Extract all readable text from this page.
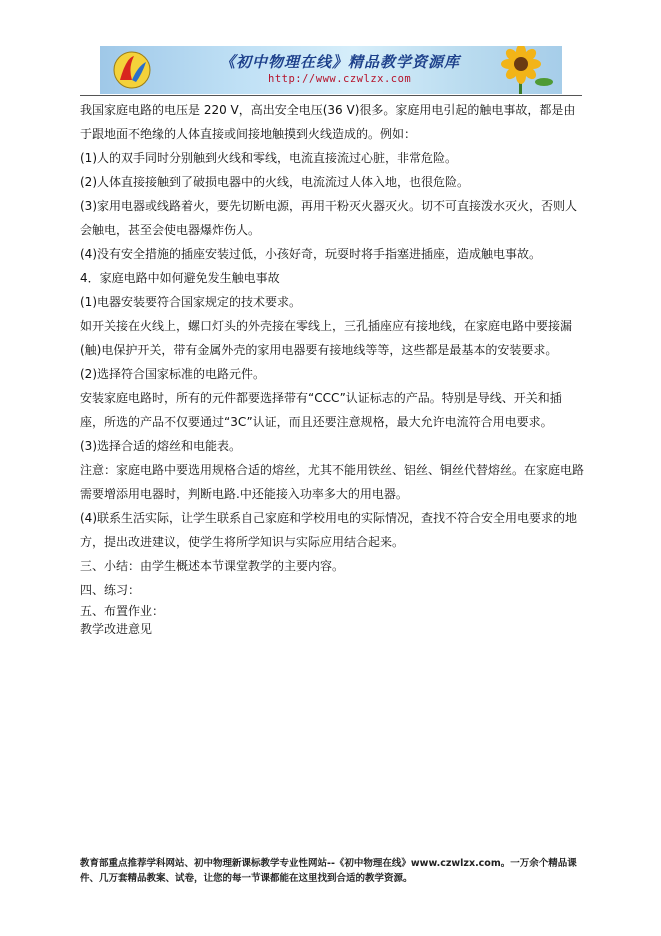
《初中物理在线》精品教学资源库
http://www.czwlzx.com

我国家庭电路的电压是 220 V，高出安全电压(36 V)很多。家庭用电引起的触电事故，都是由于跟地面不绝缘的人体直接或间接地触摸到火线造成的。例如：

(1)人的双手同时分别触到火线和零线，电流直接流过心脏，非常危险。

(2)人体直接接触到了破损电器中的火线，电流流过人体入地，也很危险。

(3)家用电器或线路着火，要先切断电源，再用干粉灭火器灭火。切不可直接泼水灭火，否则人会触电，甚至会使电器爆炸伤人。

(4)没有安全措施的插座安装过低，小孩好奇，玩耍时将手指塞进插座，造成触电事故。

4．家庭电路中如何避免发生触电事故

(1)电器安装要符合国家规定的技术要求。

如开关接在火线上，螺口灯头的外壳接在零线上，三孔插座应有接地线，在家庭电路中要接漏(触)电保护开关，带有金属外壳的家用电器要有接地线等等，这些都是最基本的安装要求。

(2)选择符合国家标准的电路元件。

安装家庭电路时，所有的元件都要选择带有“CCC”认证标志的产品。特别是导线、开关和插座，所选的产品不仅要通过“3C”认证，而且还要注意规格，最大允许电流符合用电要求。

(3)选择合适的熔丝和电能表。

注意：家庭电路中要选用规格合适的熔丝，尤其不能用铁丝、铝丝、铜丝代替熔丝。在家庭电路需要增添用电器时，判断电路.中还能接入功率多大的用电器。

(4)联系生活实际，让学生联系自己家庭和学校用电的实际情况，查找不符合安全用电要求的地方，提出改进建议，使学生将所学知识与实际应用结合起来。

三、小结：由学生概述本节课堂教学的主要内容。

四、练习：

五、布置作业：

教学改进意见

教育部重点推荐学科网站、初中物理新课标教学专业性网站--《初中物理在线》www.czwlzx.com。一万余个精品课件、几万套精品教案、试卷，让您的每一节课都能在这里找到合适的教学资源。
